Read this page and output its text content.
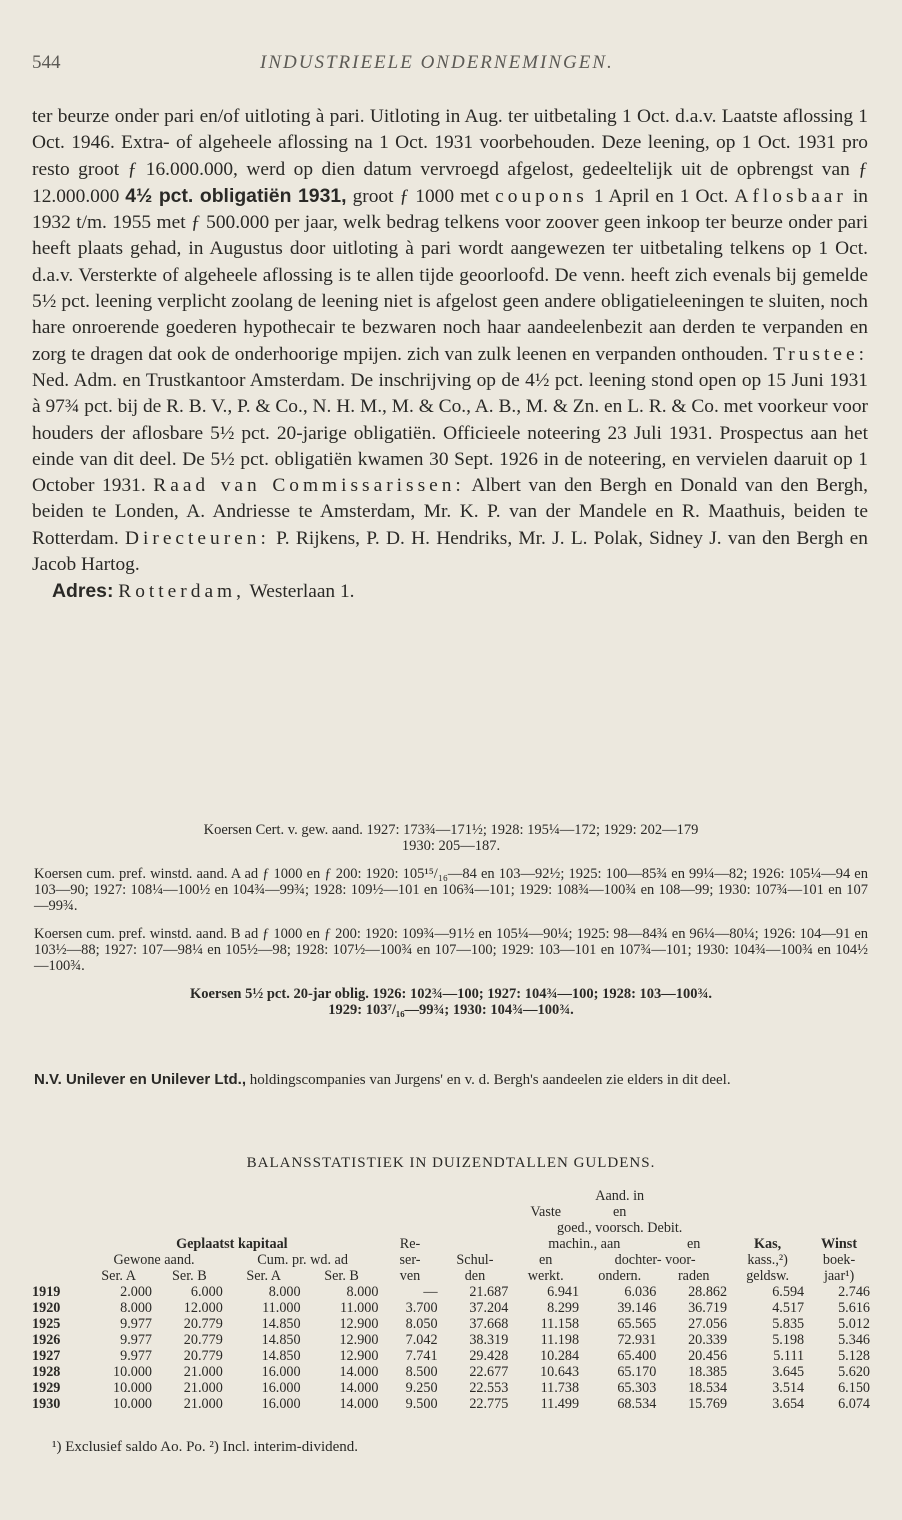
544	INDUSTRIEELE ONDERNEMINGEN.

ter beurze onder pari en/of uitloting à pari. Uitloting in Aug. ter uitbetaling 1 Oct. d.a.v. Laatste aflossing 1 Oct. 1946. Extra- of algeheele aflossing na 1 Oct. 1931 voorbehouden. Deze leening, op 1 Oct. 1931 pro resto groot ƒ 16.000.000, werd op dien datum vervroegd afgelost, gedeeltelijk uit de opbrengst van ƒ 12.000.000 4½ pct. obligatiën 1931, groot ƒ 1000 met coupons 1 April en 1 Oct. Aflosbaar in 1932 t/m. 1955 met ƒ 500.000 per jaar, welk bedrag telkens voor zoover geen inkoop ter beurze onder pari heeft plaats gehad, in Augustus door uitloting à pari wordt aangewezen ter uitbetaling telkens op 1 Oct. d.a.v. Versterkte of algeheele aflossing is te allen tijde geoorloofd. De venn. heeft zich evenals bij gemelde 5½ pct. leening verplicht zoolang de leening niet is afgelost geen andere obligatieleeningen te sluiten, noch hare onroerende goederen hypothecair te bezwaren noch haar aandeelenbezit aan derden te verpanden en zorg te dragen dat ook de onderhoorige mpijen. zich van zulk leenen en verpanden onthouden. Trustee: Ned. Adm. en Trustkantoor Amsterdam. De inschrijving op de 4½ pct. leening stond open op 15 Juni 1931 à 97¾ pct. bij de R. B. V., P. & Co., N. H. M., M. & Co., A. B., M. & Zn. en L. R. & Co. met voorkeur voor houders der aflosbare 5½ pct. 20-jarige obligatiën. Officieele noteering 23 Juli 1931. Prospectus aan het einde van dit deel. De 5½ pct. obligatiën kwamen 30 Sept. 1926 in de noteering, en vervielen daaruit op 1 October 1931. Raad van Commissarissen: Albert van den Bergh en Donald van den Bergh, beiden te Londen, A. Andriesse te Amsterdam, Mr. K. P. van der Mandele en R. Maathuis, beiden te Rotterdam. Directeuren: P. Rijkens, P. D. H. Hendriks, Mr. J. L. Polak, Sidney J. van den Bergh en Jacob Hartog.

Adres: Rotterdam, Westerlaan 1.

Koersen Cert. v. gew. aand. 1927: 173¾—171½; 1928: 195¼—172; 1929: 202—179
1930: 205—187.
Koersen cum. pref. winstd. aand. A ad ƒ 1000 en ƒ 200: 1920: 105¹⁵/₁₆—84 en 103—92½; 1925: 100—85¾ en 99¼—82; 1926: 105¼—94 en 103—90; 1927: 108¼—100½ en 104¾—99¾; 1928: 109½—101 en 106¾—101; 1929: 108¾—100¾ en 108—99; 1930: 107¾—101 en 107—99¾.
Koersen cum. pref. winstd. aand. B ad ƒ 1000 en ƒ 200: 1920: 109¾—91½ en 105¼—90¼; 1925: 98—84¾ en 96¼—80¼; 1926: 104—91 en 103½—88; 1927: 107—98¼ en 105½—98; 1928: 107½—100¾ en 107—100; 1929: 103—101 en 107¾—101; 1930: 104¾—100¾ en 104½—100¾.
Koersen 5½ pct. 20-jar oblig. 1926: 102¾—100; 1927: 104¾—100; 1928: 103—100¾.
1929: 103⁷/₁₆—99¾; 1930: 104¾—100¾.
N.V. Unilever en Unilever Ltd., holdingscompanies van Jurgens' en v. d. Bergh's aandeelen zie elders in dit deel.
BALANSSTATISTIEK IN DUIZENDTALLEN GULDENS.
							Aand. in				
							Vaste	en			
							goed., voorsch. Debit.				
	Geplaatst kapitaal				Re-		machin., aan		en	Kas,	Winst
	Gewone aand.		Cum. pr. wd. ad		ser-	Schul-	en	dochter- voor-		kass.,²)	boek-
	Ser. A	Ser. B	Ser. A	Ser. B	ven	den	werkt.	ondern.	raden	geldsw.	jaar¹)
1919	2.000	6.000	8.000	8.000	—	21.687	6.941	6.036	28.862	6.594	2.746
1920	8.000	12.000	11.000	11.000	3.700	37.204	8.299	39.146	36.719	4.517	5.616
1925	9.977	20.779	14.850	12.900	8.050	37.668	11.158	65.565	27.056	5.835	5.012
1926	9.977	20.779	14.850	12.900	7.042	38.319	11.198	72.931	20.339	5.198	5.346
1927	9.977	20.779	14.850	12.900	7.741	29.428	10.284	65.400	20.456	5.111	5.128
1928	10.000	21.000	16.000	14.000	8.500	22.677	10.643	65.170	18.385	3.645	5.620
1929	10.000	21.000	16.000	14.000	9.250	22.553	11.738	65.303	18.534	3.514	6.150
1930	10.000	21.000	16.000	14.000	9.500	22.775	11.499	68.534	15.769	3.654	6.074
¹) Exclusief saldo Ao. Po. ²) Incl. interim-dividend.
